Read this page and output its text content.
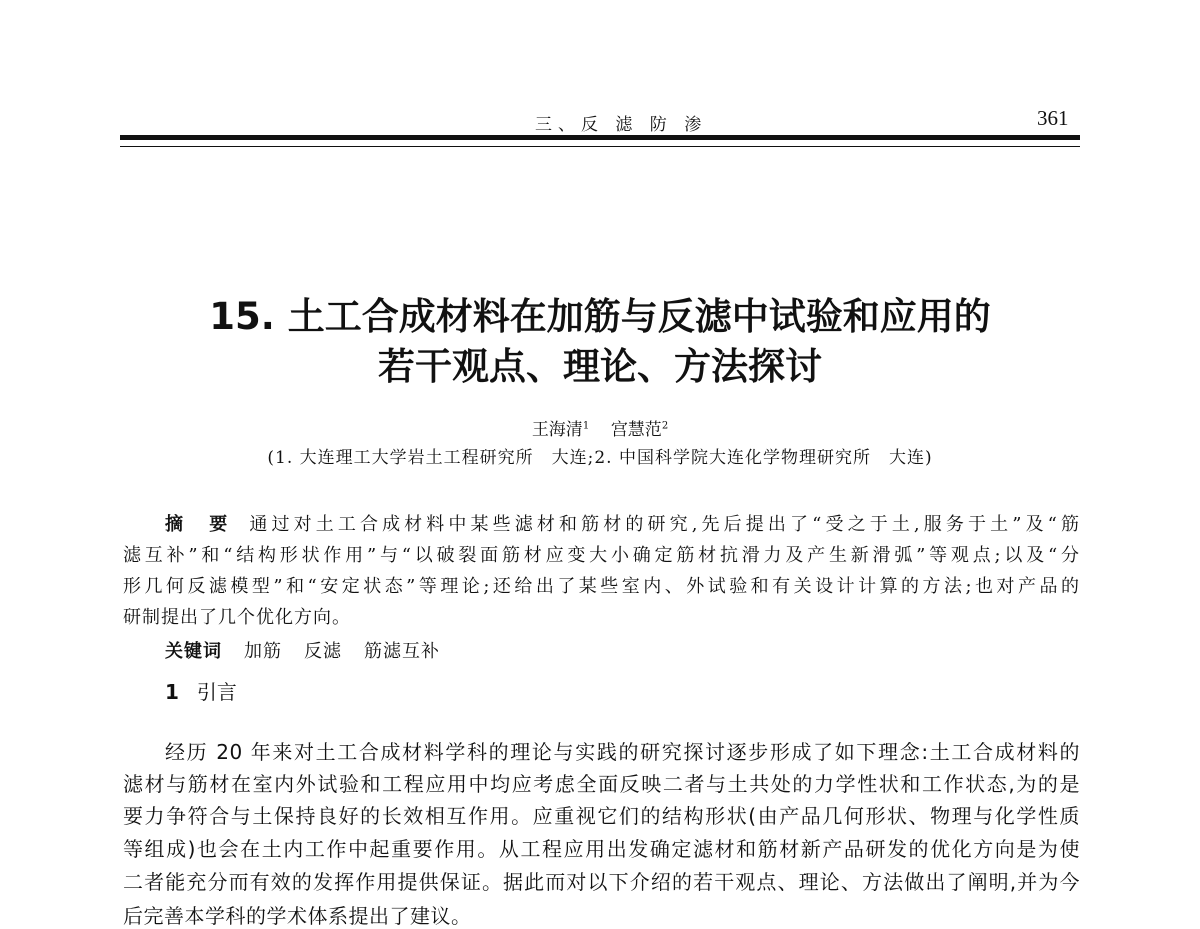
三、反 滤 防 渗	361
15. 土工合成材料在加筋与反滤中试验和应用的
若干观点、理论、方法探讨
王海清$^1$ 宫慧范$^2$
(1. 大连理工大学岩土工程研究所　大连;2. 中国科学院大连化学物理研究所　大连)
摘　要 通过对土工合成材料中某些滤材和筋材的研究,先后提出了“受之于土,服务于土”及“筋
滤互补”和“结构形状作用”与“以破裂面筋材应变大小确定筋材抗滑力及产生新滑弧”等观点;以及“分
形几何反滤模型”和“安定状态”等理论;还给出了某些室内、外试验和有关设计计算的方法;也对产品的
研制提出了几个优化方向。
关键词 加筋 反滤 筋滤互补
1 引言
经历 20 年来对土工合成材料学科的理论与实践的研究探讨逐步形成了如下理念:土工合成材料的
滤材与筋材在室内外试验和工程应用中均应考虑全面反映二者与土共处的力学性状和工作状态,为的是
要力争符合与土保持良好的长效相互作用。应重视它们的结构形状(由产品几何形状、物理与化学性质
等组成)也会在土内工作中起重要作用。从工程应用出发确定滤材和筋材新产品研发的优化方向是为使
二者能充分而有效的发挥作用提供保证。据此而对以下介绍的若干观点、理论、方法做出了阐明,并为今
后完善本学科的学术体系提出了建议。
